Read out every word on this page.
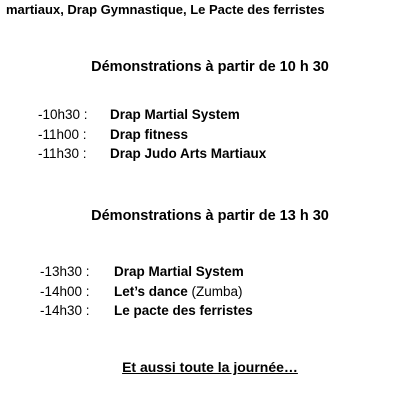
martiaux, Drap Gymnastique, Le Pacte des ferristes
Démonstrations à partir de 10 h 30
-10h30 : Drap Martial System
-11h00 : Drap fitness
-11h30 : Drap Judo Arts Martiaux
Démonstrations à partir de 13 h 30
-13h30 : Drap Martial System
-14h00 : Let’s dance (Zumba)
-14h30 : Le pacte des ferristes
Et aussi toute la journée…
